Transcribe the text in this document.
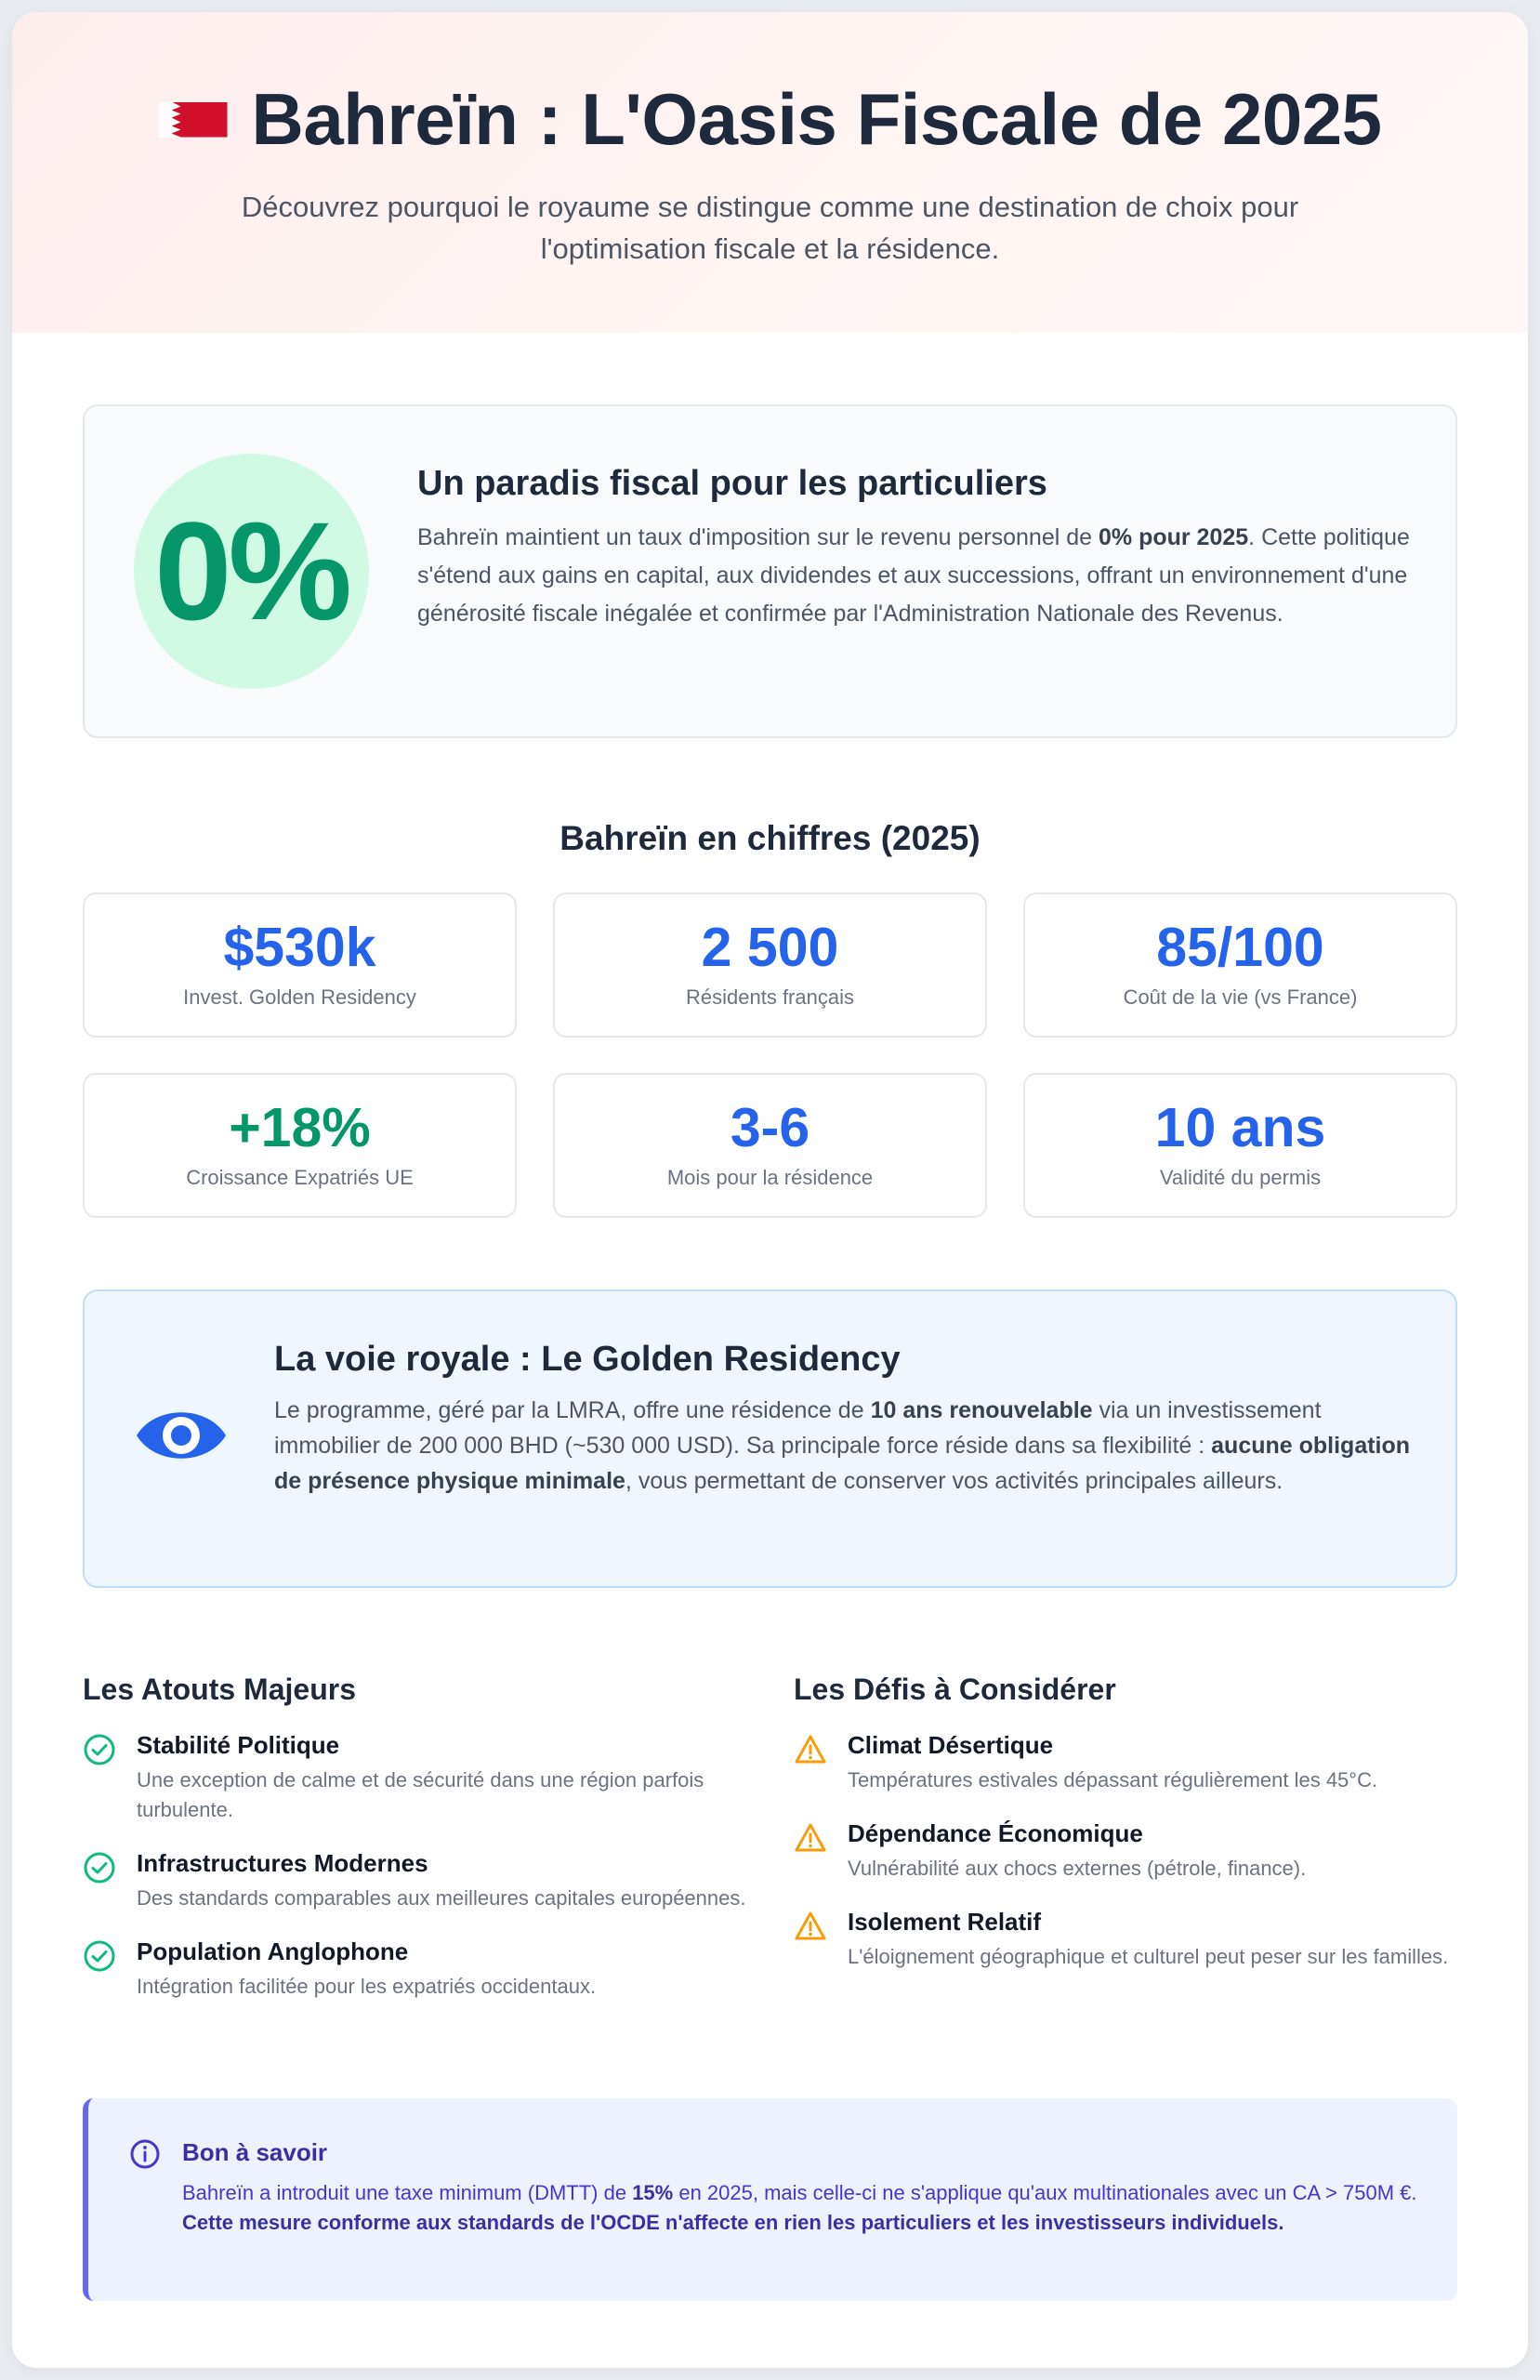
Bahreïn : L'Oasis Fiscale de 2025

Découvrez pourquoi le royaume se distingue comme une destination de choix pour l'optimisation fiscale et la résidence.

0%
Un paradis fiscal pour les particuliers

Bahreïn maintient un taux d'imposition sur le revenu personnel de 0% pour 2025. Cette politique s'étend aux gains en capital, aux dividendes et aux successions, offrant un environnement d'une générosité fiscale inégalée et confirmée par l'Administration Nationale des Revenus.

Bahreïn en chiffres (2025)
$530k
Invest. Golden Residency
2 500
Résidents français
85/100
Coût de la vie (vs France)
+18%
Croissance Expatriés UE
3-6
Mois pour la résidence
10 ans
Validité du permis
La voie royale : Le Golden Residency

Le programme, géré par la LMRA, offre une résidence de 10 ans renouvelable via un investissement immobilier de 200 000 BHD (~530 000 USD). Sa principale force réside dans sa flexibilité : aucune obligation de présence physique minimale, vous permettant de conserver vos activités principales ailleurs.

Les Atouts Majeurs
Stabilité Politique
Une exception de calme et de sécurité dans une région parfois turbulente.
Infrastructures Modernes
Des standards comparables aux meilleures capitales européennes.
Population Anglophone
Intégration facilitée pour les expatriés occidentaux.
Les Défis à Considérer
Climat Désertique
Températures estivales dépassant régulièrement les 45°C.
Dépendance Économique
Vulnérabilité aux chocs externes (pétrole, finance).
Isolement Relatif
L'éloignement géographique et culturel peut peser sur les familles.
Bon à savoir
Bahreïn a introduit une taxe minimum (DMTT) de 15% en 2025, mais celle-ci ne s'applique qu'aux multinationales avec un CA > 750M €. Cette mesure conforme aux standards de l'OCDE n'affecte en rien les particuliers et les investisseurs individuels.
